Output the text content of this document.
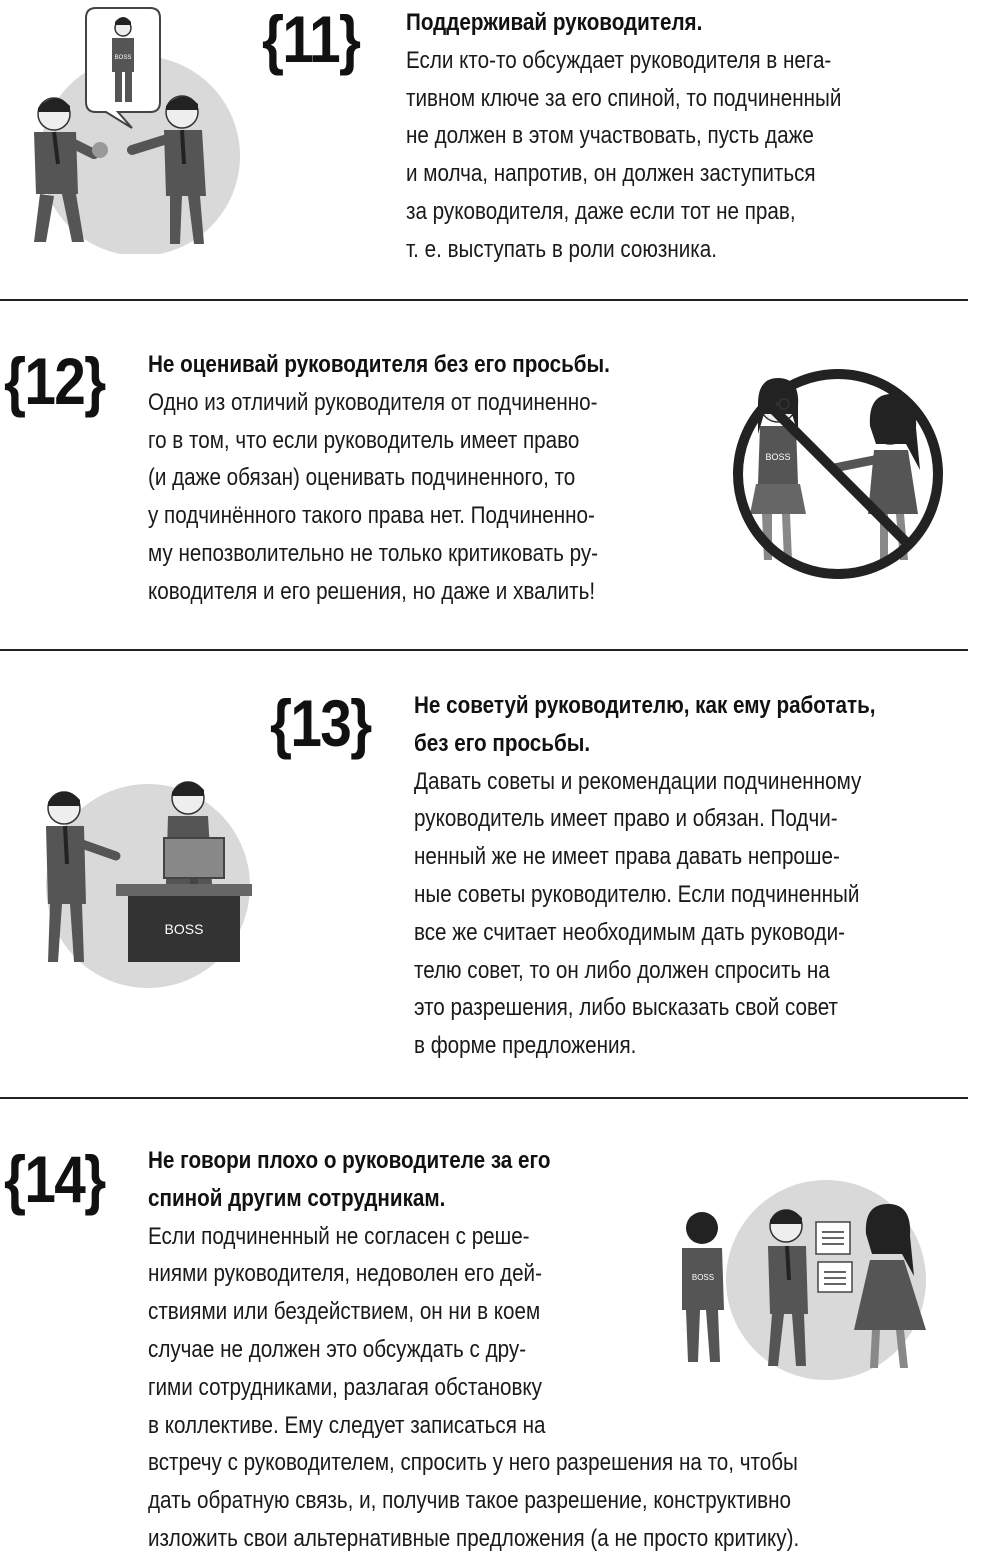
BOSS {11} Поддерживай руководителя.
Если кто-то обсуждает руководителя в нега-
тивном ключе за его спиной, то подчиненный
не должен в этом участвовать, пусть даже
и молча, напротив, он должен заступиться
за руководителя, даже если тот не прав,
т. е. выступать в роли союзника.
{12} Не оценивай руководителя без его просьбы.
Одно из отличий руководителя от подчиненно-
го в том, что если руководитель имеет право
(и даже обязан) оценивать подчиненного, то
у подчинённого такого права нет. Подчиненно-
му непозволительно не только критиковать ру-
ководителя и его решения, но даже и хвалить!
BOSS
BOSS
{13} Не советуй руководителю, как ему работать,
без его просьбы.
Давать советы и рекомендации подчиненному
руководитель имеет право и обязан. Подчи-
ненный же не имеет права давать непроше-
ные советы руководителю. Если подчиненный
все же считает необходимым дать руководи-
телю совет, то он либо должен спросить на
это разрешения, либо высказать свой совет
в форме предложения.
{14}
BOSS
Не говори плохо о руководителе за его
спиной другим сотрудникам.
Если подчиненный не согласен с реше-
ниями руководителя, недоволен его дей-
ствиями или бездействием, он ни в коем
случае не должен это обсуждать с дру-
гими сотрудниками, разлагая обстановку
в коллективе. Ему следует записаться на
встречу с руководителем, спросить у него разрешения на то, чтобы
дать обратную связь, и, получив такое разрешение, конструктивно
изложить свои альтернативные предложения (а не просто критику).
